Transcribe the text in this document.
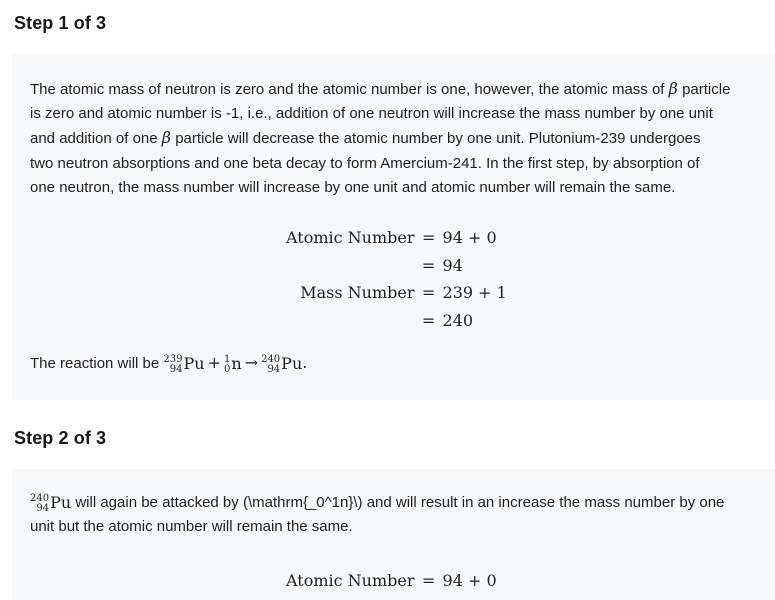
Step 1 of 3

The atomic mass of neutron is zero and the atomic number is one, however, the atomic mass of β particle
is zero and atomic number is -1, i.e., addition of one neutron will increase the mass number by one unit
and addition of one β particle will decrease the atomic number by one unit. Plutonium-239 undergoes
two neutron absorptions and one beta decay to form Amercium-241. In the first step, by absorption of
one neutron, the mass number will increase by one unit and atomic number will remain the same.

Atomic Number	=	94 + 0
	=	94
Mass Number	=	239 + 1
	=	240

The reaction will be 239
94 Pu + 1
0 n → 240
94 Pu .

Step 2 of 3

240
94 Pu will again be attacked by (\mathrm{_0^1n}\) and will result in an increase the mass number by one
unit but the atomic number will remain the same.

Atomic Number	=	94 + 0
